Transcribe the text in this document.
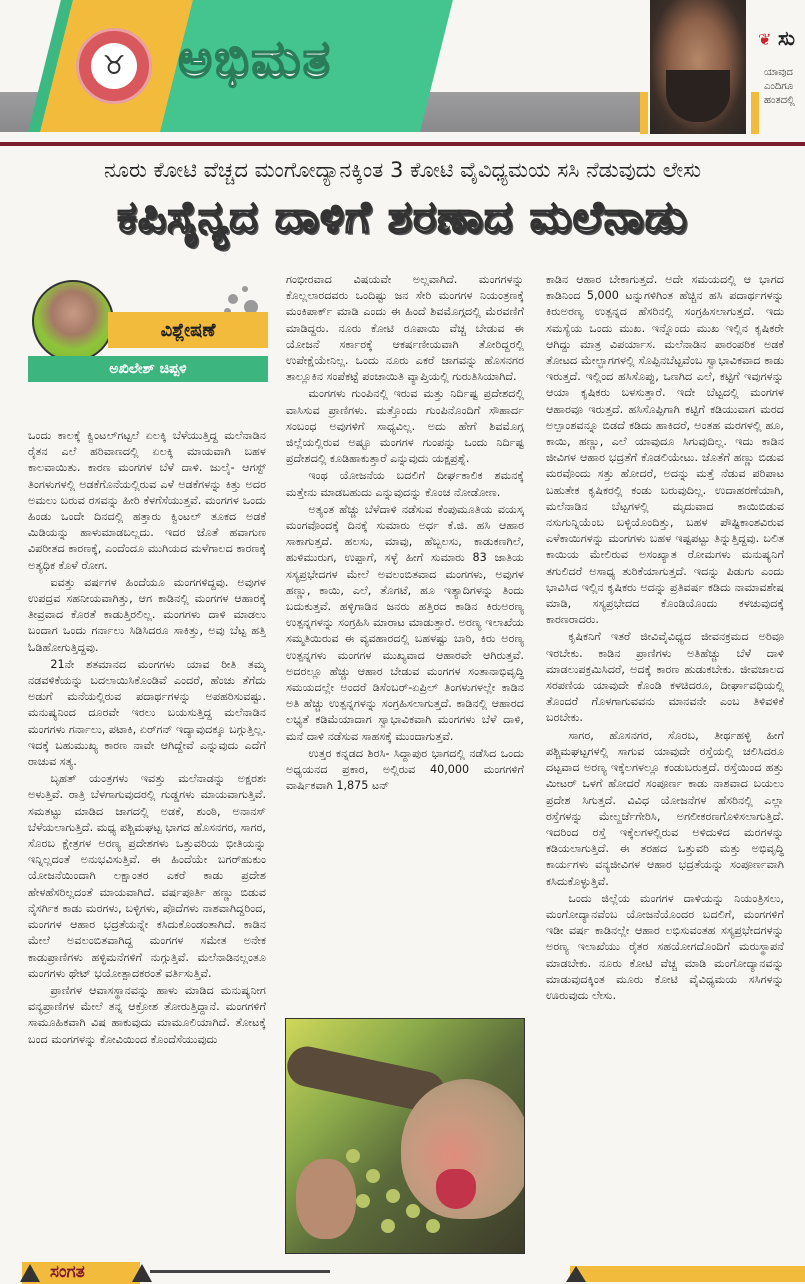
♉ ಅಭಿಮತ	❦ ಸು
ಯಾವುದ
ಎಂದಿಗೂ
ಹಂತದಲ್ಲಿ
ನೂರು ಕೋಟಿ ವೆಚ್ಚದ ಮಂಗೋದ್ಯಾನಕ್ಕಿಂತ 3 ಕೋಟಿ ವೈವಿಧ್ಯಮಯ ಸಸಿ ನೆಡುವುದು ಲೇಸು
ಕಪಿಸೈನ್ಯದ ದಾಳಿಗೆ ಶರಣಾದ ಮಲೆನಾಡು
ವಿಶ್ಲೇಷಣೆ
ಅಖಿಲೇಶ್ ಚಿಪ್ಪಳಿ

ಒಂದು ಕಾಲಕ್ಕೆ ಕ್ವಿಂಟಲ್‌ಗಟ್ಟಲೆ ಏಲಕ್ಕಿ ಬೆಳೆಯುತ್ತಿದ್ದ ಮಲೆನಾಡಿನ ರೈತನ ಎಲೆ ಹರಿವಾಣದಲ್ಲಿ ಏಲಕ್ಕಿ ಮಾಯವಾಗಿ ಬಹಳ ಕಾಲವಾಯಿತು. ಕಾರಣ ಮಂಗಗಳ ಬೆಳೆ ದಾಳಿ. ಜುಲೈ- ಆಗಸ್ಟ್ ತಿಂಗಳುಗಳಲ್ಲಿ ಅಡಕೆಗೊನೆಯಲ್ಲಿರುವ ಎಳೆ ಅಡಕೆಗಳನ್ನು ಕಿತ್ತು ಅದರ ಅಮಲು ಬರುವ ರಸವನ್ನು ಹೀರಿ ಕೆಳಗೆಸೆಯುತ್ತವೆ. ಮಂಗಗಳ ಒಂದು ಹಿಂಡು ಒಂದೇ ದಿನದಲ್ಲಿ ಹತ್ತಾರು ಕ್ವಿಂಟಲ್ ತೂಕದ ಅಡಕೆ ಮಿಡಿಯನ್ನು ಹಾಳುಮಾಡಬಲ್ಲದು. ಇದರ ಜೊತೆ ಹವಾಗುಣ ವಿಪರೀತದ ಕಾರಣಕ್ಕೆ, ಎಂದೆಂದೂ ಮುಗಿಯದ ಮಳೆಗಾಲದ ಕಾರಣಕ್ಕೆ ಅತ್ಯಧಿಕ ಕೊಳೆ ರೋಗ.

ಐವತ್ತು ವರ್ಷಗಳ ಹಿಂದೆಯೂ ಮಂಗಗಳಿದ್ದವು. ಅವುಗಳ ಉಪದ್ರವ ಸಹನೀಯವಾಗಿತ್ತು, ಆಗ ಕಾಡಿನಲ್ಲಿ ಮಂಗಗಳ ಆಹಾರಕ್ಕೆ ತೀವ್ರವಾದ ಕೊರತೆ ಕಾಡುತ್ತಿರಲಿಲ್ಲ. ಮಂಗಗಳು ದಾಳಿ ಮಾಡಲು ಬಂದಾಗ ಒಂದು ಗರ್ನಾಲು ಸಿಡಿಸಿದರೂ ಸಾಕಿತ್ತು, ಅವು ಬೆಟ್ಟ ಹತ್ತಿ ಓಡಿಹೋಗುತ್ತಿದ್ದವು.

21ನೇ ಶತಮಾನದ ಮಂಗಗಳು ಯಾವ ರೀತಿ ತಮ್ಮ ನಡವಳಿಕೆಯನ್ನು ಬದಲಾಯಿಸಿಕೊಂಡಿವೆ ಎಂದರೆ, ಹೆಂಚು ತೆಗೆದು ಅಡುಗೆ ಮನೆಯಲ್ಲಿರುವ ಪದಾರ್ಥಗಳನ್ನು ಅಪಹರಿಸುವಷ್ಟು. ಮನುಷ್ಯನಿಂದ ದೂರವೇ ಇರಲು ಬಯಸುತ್ತಿದ್ದ ಮಲೆನಾಡಿನ ಮಂಗಗಳು ಗರ್ನಾಲು, ಪಟಾಕಿ, ಏರ್‌ಗನ್ ಇದ್ಯಾವುದಕ್ಕೂ ಬಗ್ಗುತ್ತಿಲ್ಲ. ಇದಕ್ಕೆ ಬಹುಮುಖ್ಯ ಕಾರಣ ನಾವೇ ಆಗಿದ್ದೇವೆ ಎನ್ನುವುದು ಎದೆಗೆ ರಾಚುವ ಸತ್ಯ.

ಬೃಹತ್ ಯಂತ್ರಗಳು ಇವತ್ತು ಮಲೆನಾಡನ್ನು ಅಕ್ಷರಶಃ ಅಳುತ್ತಿವೆ. ರಾತ್ರಿ ಬೆಳಗಾಗುವುದರಲ್ಲಿ ಗುಡ್ಡಗಳು ಮಾಯವಾಗುತ್ತಿವೆ. ಸಮತಟ್ಟು ಮಾಡಿದ ಜಾಗದಲ್ಲಿ ಅಡಕೆ, ಶುಂಠಿ, ಅನಾನಸ್ ಬೆಳೆಯಲಾಗುತ್ತಿದೆ. ಮಧ್ಯ ಪಶ್ಚಿಮಘಟ್ಟ ಭಾಗದ ಹೊಸನಗರ, ಸಾಗರ, ಸೊರಬ ಕ್ಷೇತ್ರಗಳ ಅರಣ್ಯ ಪ್ರದೇಶಗಳು ಒತ್ತುವರಿಯ ಭೀತಿಯನ್ನು ಇನ್ನಿಲ್ಲದಂತೆ ಅನುಭವಿಸುತ್ತಿವೆ. ಈ ಹಿಂದೆಯೇ ಬಗರ್‌ಹುಕುಂ ಯೋಜನೆಯಿಂದಾಗಿ ಲಕ್ಷಾಂತರ ಎಕರೆ ಕಾಡು ಪ್ರದೇಶ ಹೇಳಹೆಸರಿಲ್ಲದಂತೆ ಮಾಯವಾಗಿದೆ. ವರ್ಷಪೂರ್ತಿ ಹಣ್ಣು ಬಿಡುವ ನೈಸರ್ಗಿಕ ಕಾಡು ಮರಗಳು, ಬಳ್ಳಿಗಳು, ಪೊದೆಗಳು ನಾಶವಾಗಿದ್ದರಿಂದ, ಮಂಗಗಳ ಆಹಾರ ಭದ್ರತೆಯನ್ನೇ ಕಸಿದುಕೊಂಡಂತಾಗಿದೆ. ಕಾಡಿನ ಮೇಲೆ ಅವಲಂಬಿತವಾಗಿದ್ದ ಮಂಗಗಳ ಸಮೇತ ಅನೇಕ ಕಾಡುಪ್ರಾಣಿಗಳು ಹಳ್ಳಿಮನೆಗಳಿಗೆ ನುಗ್ಗುತ್ತಿವೆ. ಮಲೆನಾಡಿನಲ್ಲಂತೂ ಮಂಗಗಳು ಥೇಟ್ ಭಯೋತ್ಪಾದಕರಂತೆ ವರ್ತಿಸುತ್ತಿವೆ.

ಪ್ರಾಣಿಗಳ ಆವಾಸಸ್ಥಾನವನ್ನು ಹಾಳು ಮಾಡಿದ ಮನುಷ್ಯನೀಗ ವನ್ಯಪ್ರಾಣಿಗಳ ಮೇಲೆ ತನ್ನ ಆಕ್ರೋಶ ತೋರುತ್ತಿದ್ದಾನೆ. ಮಂಗಗಳಿಗೆ ಸಾಮೂಹಿಕವಾಗಿ ವಿಷ ಹಾಕುವುದು ಮಾಮೂಲಿಯಾಗಿದೆ. ತೋಟಕ್ಕೆ ಬಂದ ಮಂಗಗಳನ್ನು ಕೋವಿಯಿಂದ ಕೊಂದೆಸೆಯುವುದು

ಗಂಭೀರವಾದ ವಿಷಯವೇ ಅಲ್ಲವಾಗಿದೆ. ಮಂಗಗಳನ್ನು ಕೊಲ್ಲಲಾರದವರು ಒಂದಿಷ್ಟು ಜನ ಸೇರಿ ಮಂಗಗಳ ನಿಯಂತ್ರಣಕ್ಕೆ ಮಂಕಿಪಾರ್ಕ್ ಮಾಡಿ ಎಂದು ಈ ಹಿಂದೆ ಶಿವಮೊಗ್ಗದಲ್ಲಿ ಮೆರವಣಿಗೆ ಮಾಡಿದ್ದರು. ನೂರು ಕೋಟಿ ರೂಪಾಯಿ ವೆಚ್ಚ ಬೇಡುವ ಈ ಯೋಜನೆ ಸರ್ಕಾರಕ್ಕೆ ಆಕರ್ಷಣೀಯವಾಗಿ ತೋರಿದ್ದರಲ್ಲಿ ಉಪೇಕ್ಷೆಯೇನಿಲ್ಲ. ಒಂದು ನೂರು ಎಕರೆ ಜಾಗವನ್ನು ಹೊಸನಗರ ತಾಲ್ಲೂಕಿನ ಸಂಪೆಕಟ್ಟೆ ಪಂಚಾಯಿತಿ ವ್ಯಾಪ್ತಿಯಲ್ಲಿ ಗುರುತಿಸಿಯಾಗಿದೆ.

ಮಂಗಗಳು ಗುಂಪಿನಲ್ಲಿ ಇರುವ ಮತ್ತು ನಿರ್ದಿಷ್ಟ ಪ್ರದೇಶದಲ್ಲಿ ವಾಸಿಸುವ ಪ್ರಾಣಿಗಳು. ಮತ್ತೊಂದು ಗುಂಪಿನೊಂದಿಗೆ ಸೌಹಾರ್ದ ಸಂಬಂಧ ಅವುಗಳಿಗೆ ಸಾಧ್ಯವಿಲ್ಲ. ಅದು ಹೇಗೆ ಶಿವಮೊಗ್ಗ ಜಿಲ್ಲೆಯಲ್ಲಿರುವ ಅಷ್ಟೂ ಮಂಗಗಳ ಗುಂಪನ್ನು ಒಂದು ನಿರ್ದಿಷ್ಟ ಪ್ರದೇಶದಲ್ಲಿ ಕೂಡಿಹಾಕುತ್ತಾರೆ ಎನ್ನುವುದು ಯಕ್ಷಪ್ರಶ್ನೆ.

ಇಂಥ ಯೋಜನೆಯ ಬದಲಿಗೆ ದೀರ್ಘಕಾಲಿಕ ಶಮನಕ್ಕೆ ಮತ್ತೇನು ಮಾಡಬಹುದು ಎನ್ನುವುದನ್ನು ಕೊಂಚ ನೋಡೋಣ.

ಅತ್ಯಂತ ಹೆಚ್ಚು ಬೆಳೆದಾಳಿ ನಡೆಸುವ ಕೆಂಪುಮೂತಿಯ ವಯಸ್ಕ ಮಂಗವೊಂದಕ್ಕೆ ದಿನಕ್ಕೆ ಸುಮಾರು ಅರ್ಧ ಕೆ.ಜಿ. ಹಸಿ ಆಹಾರ ಸಾಕಾಗುತ್ತದೆ. ಹಲಸು, ಮಾವು, ಹೆಬ್ಬಲಸು, ಕಾಡುಕಣಗಿಲೆ, ಹುಳಿಮುರುಗ, ಉಪ್ಪಾಗೆ, ಸಳ್ಳೆ ಹೀಗೆ ಸುಮಾರು 83 ಜಾತಿಯ ಸಸ್ಯಪ್ರಭೇದಗಳ ಮೇಲೆ ಅವಲಂಬಿತವಾದ ಮಂಗಗಳು, ಅವುಗಳ ಹಣ್ಣು, ಕಾಯಿ, ಎಲೆ, ತೊಗಟೆ, ಹೂ ಇತ್ಯಾದಿಗಳನ್ನು ತಿಂದು ಬದುಕುತ್ತವೆ. ಹಳ್ಳಿಗಾಡಿನ ಜನರು ಹತ್ತಿರದ ಕಾಡಿನ ಕಿರುಅರಣ್ಯ ಉತ್ಪನ್ನಗಳನ್ನು ಸಂಗ್ರಹಿಸಿ ಮಾರಾಟ ಮಾಡುತ್ತಾರೆ. ಅರಣ್ಯ ಇಲಾಖೆಯ ಸಮ್ಮತಿಯಿರುವ ಈ ವ್ಯವಹಾರದಲ್ಲಿ ಬಹಳಷ್ಟು ಬಾರಿ, ಕಿರು ಅರಣ್ಯ ಉತ್ಪನ್ನಗಳು ಮಂಗಗಳ ಮುಖ್ಯವಾದ ಆಹಾರವೇ ಆಗಿರುತ್ತವೆ. ಅದರಲ್ಲೂ ಹೆಚ್ಚು ಆಹಾರ ಬೇಡುವ ಮಂಗಗಳ ಸಂತಾನಾಭಿವೃದ್ಧಿ ಸಮಯದಲ್ಲೇ ಅಂದರೆ ಡಿಸೆಂಬರ್-ಏಪ್ರಿಲ್ ತಿಂಗಳುಗಳಲ್ಲೇ ಕಾಡಿನ ಅತಿ ಹೆಚ್ಚು ಉತ್ಪನ್ನಗಳನ್ನು ಸಂಗ್ರಹಿಸಲಾಗುತ್ತದೆ. ಕಾಡಿನಲ್ಲಿ ಆಹಾರದ ಲಭ್ಯತೆ ಕಡಿಮೆಯಾದಾಗ ಸ್ವಾಭಾವಿಕವಾಗಿ ಮಂಗಗಳು ಬೆಳೆ ದಾಳಿ, ಮನೆ ದಾಳಿ ನಡೆಸುವ ಸಾಹಸಕ್ಕೆ ಮುಂದಾಗುತ್ತವೆ.

ಉತ್ತರ ಕನ್ನಡದ ಶಿರಸಿ- ಸಿದ್ದಾಪುರ ಭಾಗದಲ್ಲಿ ನಡೆಸಿದ ಒಂದು ಅಧ್ಯಯನದ ಪ್ರಕಾರ, ಅಲ್ಲಿರುವ 40,000 ಮಂಗಗಳಿಗೆ ವಾರ್ಷಿಕವಾಗಿ 1,875 ಟನ್

ಕಾಡಿನ ಆಹಾರ ಬೇಕಾಗುತ್ತದೆ. ಅದೇ ಸಮಯದಲ್ಲಿ ಆ ಭಾಗದ ಕಾಡಿನಿಂದ 5,000 ಟನ್ನುಗಳಿಗಿಂತ ಹೆಚ್ಚಿನ ಹಸಿ ಪದಾರ್ಥಗಳನ್ನು ಕಿರುಅರಣ್ಯ ಉತ್ಪನ್ನದ ಹೆಸರಿನಲ್ಲಿ ಸಂಗ್ರಹಿಸಲಾಗುತ್ತದೆ. ಇದು ಸಮಸ್ಯೆಯ ಒಂದು ಮುಖ. ಇನ್ನೊಂದು ಮುಖ ಇಲ್ಲಿನ ಕೃಷಿಕರೇ ಆಗಿದ್ದು ಮಾತ್ರ ವಿಪರ್ಯಾಸ. ಮಲೆನಾಡಿನ ಪಾರಂಪರಿಕ ಅಡಕೆ ತೋಟದ ಮೇಲ್ಭಾಗಗಳಲ್ಲಿ ಸೊಪ್ಪಿನಬೆಟ್ಟವೆಂಬ ಸ್ವಾಭಾವಿಕವಾದ ಕಾಡು ಇರುತ್ತದೆ. ಇಲ್ಲಿಂದ ಹಸಿಸೊಪ್ಪು, ಒಣಗಿದ ಎಲೆ, ಕಟ್ಟಿಗೆ ಇವುಗಳನ್ನು ಆಯಾ ಕೃಷಿಕರು ಬಳಸುತ್ತಾರೆ. ಇದೇ ಬೆಟ್ಟದಲ್ಲಿ ಮಂಗಗಳ ಆಹಾರವೂ ಇರುತ್ತದೆ. ಹಸಿಸೊಪ್ಪಿಗಾಗಿ ಕಟ್ಟಿಗೆ ಕಡಿಯುವಾಗ ಮರದ ಅಲ್ಪಾಂಶವನ್ನೂ ಬಿಡದೆ ಕಡಿದು ಹಾಕಿದರೆ, ಅಂತಹ ಮರಗಳಲ್ಲಿ ಹೂ, ಕಾಯಿ, ಹಣ್ಣು, ಎಲೆ ಯಾವುದೂ ಸಿಗುವುದಿಲ್ಲ. ಇದು ಕಾಡಿನ ಜೀವಿಗಳ ಆಹಾರ ಭದ್ರತೆಗೆ ಕೊಡಲಿಯೇಟು. ಜೊತೆಗೆ ಹಣ್ಣು ಬಿಡುವ ಮರವೊಂದು ಸತ್ತು ಹೋದರೆ, ಅದನ್ನು ಮತ್ತೆ ನೆಡುವ ಪರಿಪಾಟ ಬಹುತೇಕ ಕೃಷಿಕರಲ್ಲಿ ಕಂಡು ಬರುವುದಿಲ್ಲ. ಉದಾಹರಣೆಯಾಗಿ, ಮಲೆನಾಡಿನ ಬೆಟ್ಟಗಳಲ್ಲಿ ಮೃದುವಾದ ಕಾಯಿಬಿಡುವ ನಸುಗುನ್ನಿಯೆಂಬ ಬಳ್ಳಿಯೊಂದಿತ್ತು, ಬಹಳ ಪೌಷ್ಟಿಕಾಂಶವಿರುವ ಎಳೆಕಾಯಿಗಳನ್ನು ಮಂಗಗಳು ಬಹಳ ಇಷ್ಟಪಟ್ಟು ತಿನ್ನುತ್ತಿದ್ದವು. ಬಲಿತ ಕಾಯಿಯ ಮೇಲಿರುವ ಅಸಂಖ್ಯಾತ ರೋಮಗಳು ಮನುಷ್ಯನಿಗೆ ತಗುಲಿದರೆ ಅಸಾಧ್ಯ ತುರಿಕೆಯಾಗುತ್ತದೆ. ಇದನ್ನು ಪಿಡುಗು ಎಂದು ಭಾವಿಸಿದ ಇಲ್ಲಿನ ಕೃಷಿಕರು ಅದನ್ನು ಪ್ರತಿವರ್ಷ ಕಡಿದು ನಾಮಾವಶೇಷ ಮಾಡಿ, ಸಸ್ಯಪ್ರಭೇದದ ಕೊಂಡಿಯೊಂದು ಕಳಚುವುದಕ್ಕೆ ಕಾರಣರಾದರು.

ಕೃಷಿಕನಿಗೆ ಇತರೆ ಜೀವಿವೈವಿಧ್ಯದ ಜೀವನಕ್ರಮದ ಅರಿವೂ ಇರಬೇಕು. ಕಾಡಿನ ಪ್ರಾಣಿಗಳು ಅತಿಹೆಚ್ಚು ಬೆಳೆ ದಾಳಿ ಮಾಡಲುಪಕ್ರಮಿಸಿದರೆ, ಅದಕ್ಕೆ ಕಾರಣ ಹುಡುಕಬೇಕು. ಜೀವಜಾಲದ ಸರಪಣಿಯ ಯಾವುದೇ ಕೊಂಡಿ ಕಳಚಿದರೂ, ದೀರ್ಘಾವಧಿಯಲ್ಲಿ ತೊಂದರೆ ಗೊಳಗಾಗುವವನು ಮಾನವನೇ ಎಂಬ ತಿಳಿವಳಿಕೆ ಬರಬೇಕು.

ಸಾಗರ, ಹೊಸನಗರ, ಸೊರಬ, ತೀರ್ಥಹಳ್ಳಿ ಹೀಗೆ ಪಶ್ಚಿಮಘಟ್ಟಗಳಲ್ಲಿ ಸಾಗುವ ಯಾವುದೇ ರಸ್ತೆಯಲ್ಲಿ ಚಲಿಸಿದರೂ ದಟ್ಟವಾದ ಅರಣ್ಯ ಇಕ್ಕೆಲಗಳಲ್ಲೂ ಕಂಡುಬರುತ್ತದೆ. ರಸ್ತೆಯಿಂದ ಹತ್ತು ಮೀಟರ್ ಒಳಗೆ ಹೋದರೆ ಸಂಪೂರ್ಣ ಕಾಡು ನಾಶವಾದ ಬಯಲು ಪ್ರದೇಶ ಸಿಗುತ್ತದೆ. ವಿವಿಧ ಯೋಜನೆಗಳ ಹೆಸರಿನಲ್ಲಿ ಎಲ್ಲಾ ರಸ್ತೆಗಳನ್ನು ಮೇಲ್ದರ್ಜೆಗೇರಿಸಿ, ಅಗಲೀಕರಣಗೊಳಿಸಲಾಗುತ್ತಿದೆ. ಇದರಿಂದ ರಸ್ತೆ ಇಕ್ಕೆಲಗಳಲ್ಲಿರುವ ಅಳಿದುಳಿದ ಮರಗಳನ್ನು ಕಡಿಯಲಾಗುತ್ತಿದೆ. ಈ ತರಹದ ಒತ್ತುವರಿ ಮತ್ತು ಅಭಿವೃದ್ಧಿ ಕಾರ್ಯಗಳು ವನ್ಯಜೀವಿಗಳ ಆಹಾರ ಭದ್ರತೆಯನ್ನು ಸಂಪೂರ್ಣವಾಗಿ ಕಸಿದುಕೊಳ್ಳುತ್ತಿವೆ.

ಒಂದು ಜಿಲ್ಲೆಯ ಮಂಗಗಳ ದಾಳಿಯನ್ನು ನಿಯಂತ್ರಿಸಲು, ಮಂಗೋದ್ಯಾನವೆಂಬ ಯೋಜನೆಯೊಂದರ ಬದಲಿಗೆ, ಮಂಗಗಳಿಗೆ ಇಡೀ ವರ್ಷ ಕಾಡಿನಲ್ಲೇ ಆಹಾರ ಲಭಿಸುವಂತಹ ಸಸ್ಯಪ್ರಭೇದಗಳನ್ನು ಅರಣ್ಯ ಇಲಾಖೆಯು ರೈತರ ಸಹಯೋಗದೊಂದಿಗೆ ಮರುಸ್ಥಾಪನೆ ಮಾಡಬೇಕು. ನೂರು ಕೋಟಿ ವೆಚ್ಚ ಮಾಡಿ ಮಂಗೋದ್ಯಾನವನ್ನು ಮಾಡುವುದಕ್ಕಿಂತ ಮೂರು ಕೋಟಿ ವೈವಿಧ್ಯಮಯ ಸಸಿಗಳನ್ನು ಊರುವುದು ಲೇಸು.

ಸಂಗತ
